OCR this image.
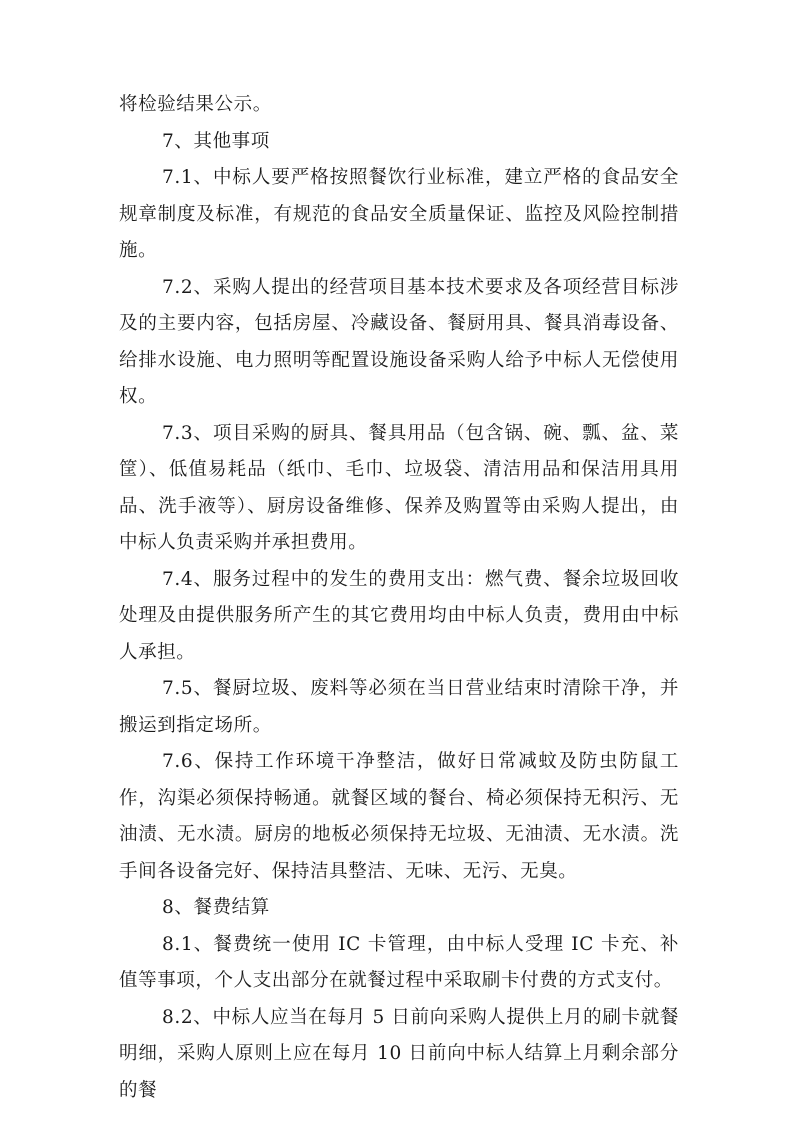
将检验结果公示。

7、其他事项

7.1、中标人要严格按照餐饮行业标准，建立严格的食品安全规章制度及标准，有规范的食品安全质量保证、监控及风险控制措施。

7.2、采购人提出的经营项目基本技术要求及各项经营目标涉及的主要内容，包括房屋、冷藏设备、餐厨用具、餐具消毒设备、给排水设施、电力照明等配置设施设备采购人给予中标人无偿使用权。

7.3、项目采购的厨具、餐具用品（包含锅、碗、瓢、盆、菜筐）、低值易耗品（纸巾、毛巾、垃圾袋、清洁用品和保洁用具用品、洗手液等）、厨房设备维修、保养及购置等由采购人提出，由中标人负责采购并承担费用。

7.4、服务过程中的发生的费用支出：燃气费、餐余垃圾回收处理及由提供服务所产生的其它费用均由中标人负责，费用由中标人承担。

7.5、餐厨垃圾、废料等必须在当日营业结束时清除干净，并搬运到指定场所。

7.6、保持工作环境干净整洁，做好日常减蚊及防虫防鼠工作，沟渠必须保持畅通。就餐区域的餐台、椅必须保持无积污、无油渍、无水渍。厨房的地板必须保持无垃圾、无油渍、无水渍。洗手间各设备完好、保持洁具整洁、无味、无污、无臭。

8、餐费结算

8.1、餐费统一使用 IC 卡管理，由中标人受理 IC 卡充、补值等事项，个人支出部分在就餐过程中采取刷卡付费的方式支付。

8.2、中标人应当在每月 5 日前向采购人提供上月的刷卡就餐明细，采购人原则上应在每月 10 日前向中标人结算上月剩余部分的餐
